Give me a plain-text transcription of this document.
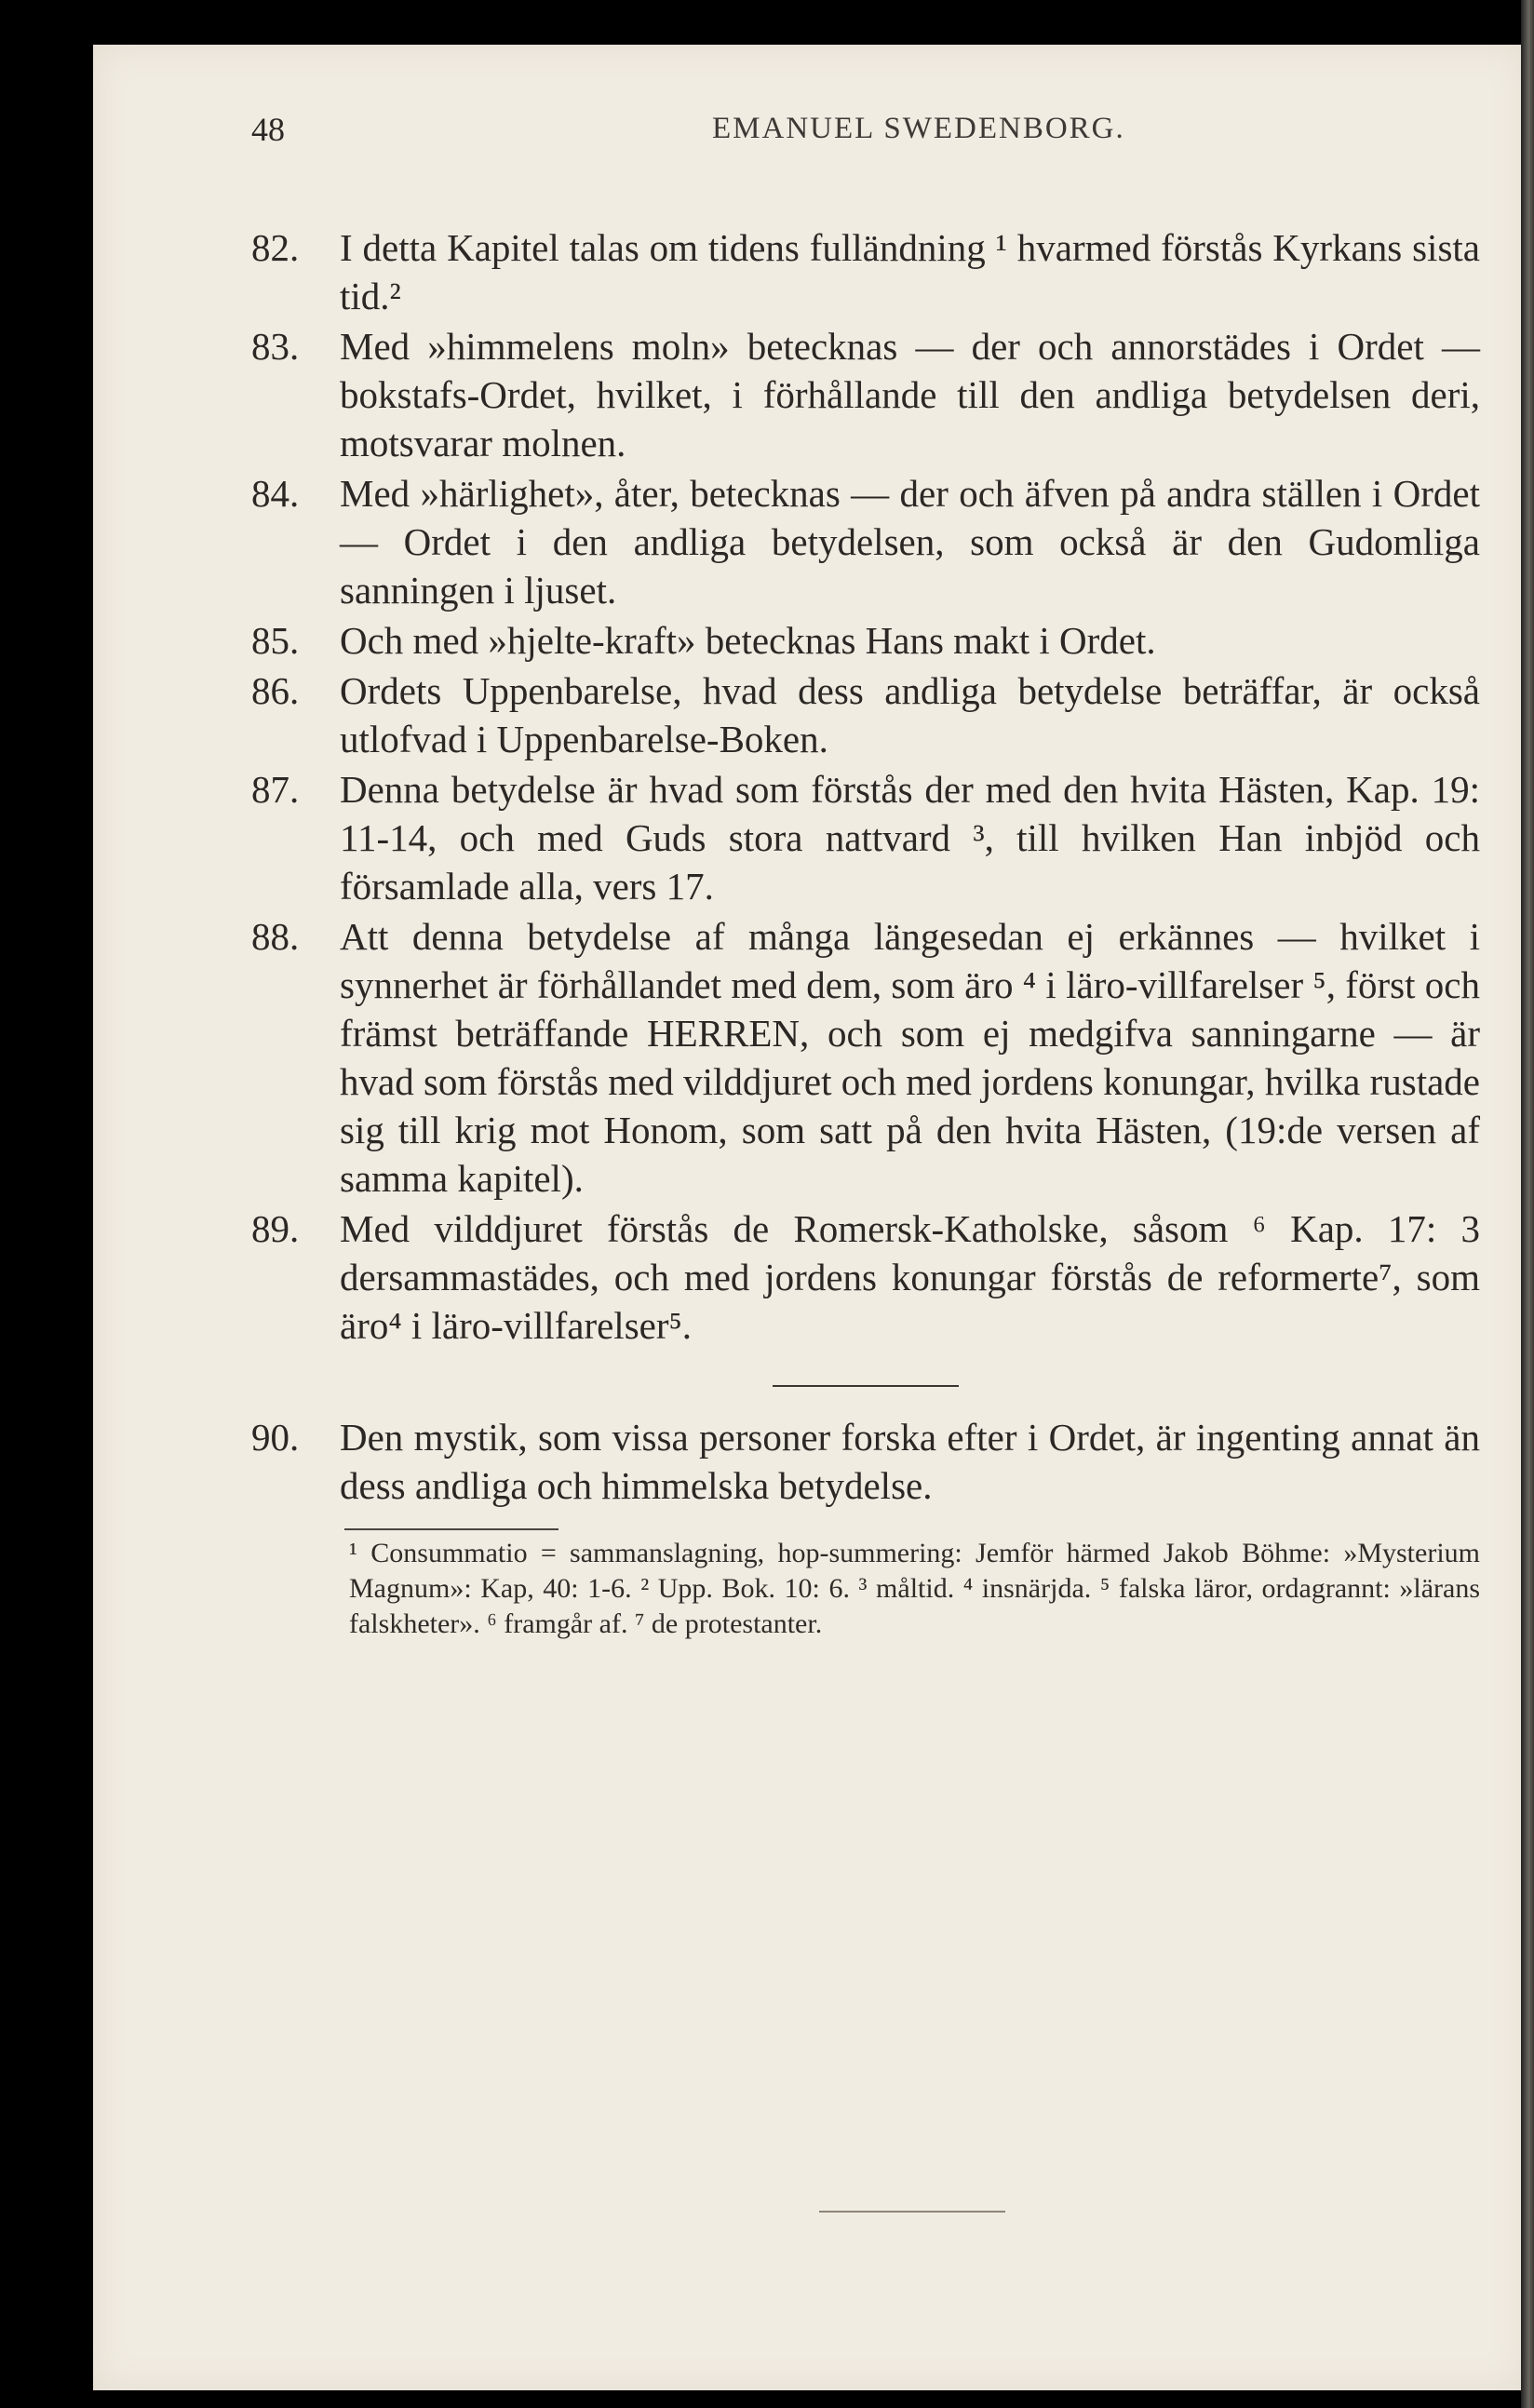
48	EMANUEL SWEDENBORG.
82. I detta Kapitel talas om tidens fulländning ¹ hvarmed förstås Kyrkans sista tid.²
83. Med »himmelens moln» betecknas — der och annorstädes i Ordet — bokstafs-Ordet, hvilket, i förhållande till den andliga betydelsen deri, motsvarar molnen.
84. Med »härlighet», åter, betecknas — der och äfven på andra ställen i Ordet — Ordet i den andliga betydelsen, som också är den Gudomliga sanningen i ljuset.
85. Och med »hjelte-kraft» betecknas Hans makt i Ordet.
86. Ordets Uppenbarelse, hvad dess andliga betydelse beträffar, är också utlofvad i Uppenbarelse-Boken.
87. Denna betydelse är hvad som förstås der med den hvita Hästen, Kap. 19: 11-14, och med Guds stora nattvard ³, till hvilken Han inbjöd och församlade alla, vers 17.
88. Att denna betydelse af många längesedan ej erkännes — hvilket i synnerhet är förhållandet med dem, som äro ⁴ i läro-villfarelser ⁵, först och främst beträffande HERREN, och som ej medgifva sanningarne — är hvad som förstås med vilddjuret och med jordens konungar, hvilka rustade sig till krig mot Honom, som satt på den hvita Hästen, (19:de versen af samma kapitel).
89. Med vilddjuret förstås de Romersk-Katholske, såsom ⁶ Kap. 17: 3 dersammastädes, och med jordens konungar förstås de reformerte⁷, som äro⁴ i läro-villfarelser⁵.
90. Den mystik, som vissa personer forska efter i Ordet, är ingenting annat än dess andliga och himmelska betydelse.
¹ Consummatio = sammanslagning, hop-summering: Jemför härmed Jakob Böhme: »Mysterium Magnum»: Kap, 40: 1-6. ² Upp. Bok. 10: 6. ³ måltid. ⁴ insnärjda. ⁵ falska läror, ordagrannt: »lärans falskheter». ⁶ framgår af. ⁷ de protestanter.
